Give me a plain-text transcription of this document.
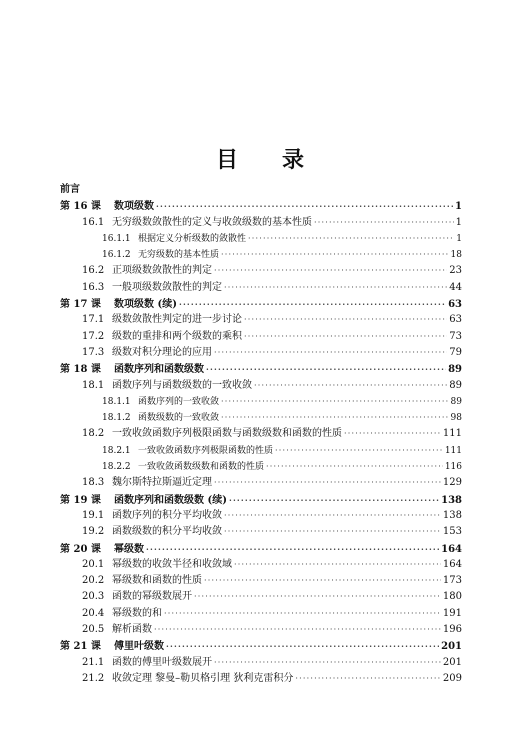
目 录
前言
第 16 课	数项级数 ·····	1
16.1 无穷级数敛散性的定义与收敛级数的基本性质 ·····	1
16.1.1 根据定义分析级数的敛散性 ·····	1
16.1.2 无穷级数的基本性质 ·····	18
16.2 正项级数敛散性的判定 ·····	23
16.3 一般项级数敛散性的判定 ·····	44
第 17 课	数项级数 (续) ·····	63
17.1 级数敛散性判定的进一步讨论 ·····	63
17.2 级数的重排和两个级数的乘积 ·····	73
17.3 级数对积分理论的应用 ·····	79
第 18 课	函数序列和函数级数 ·····	89
18.1 函数序列与函数级数的一致收敛 ·····	89
18.1.1 函数序列的一致收敛 ·····	89
18.1.2 函数级数的一致收敛 ·····	98
18.2 一致收敛函数序列极限函数与函数级数和函数的性质 ·····	111
18.2.1 一致收敛函数序列极限函数的性质 ·····	111
18.2.2 一致收敛函数级数和函数的性质 ·····	116
18.3 魏尔斯特拉斯逼近定理 ·····	129
第 19 课	函数序列和函数级数 (续) ·····	138
19.1 函数序列的积分平均收敛 ·····	138
19.2 函数级数的积分平均收敛 ·····	153
第 20 课	幂级数 ·····	164
20.1 幂级数的收敛半径和收敛域 ·····	164
20.2 幂级数和函数的性质 ·····	173
20.3 函数的幂级数展开 ·····	180
20.4 幂级数的和 ·····	191
20.5 解析函数 ·····	196
第 21 课	傅里叶级数 ·····	201
21.1 函数的傅里叶级数展开 ·····	201
21.2 收敛定理 黎曼–勒贝格引理 狄利克雷积分 ·····	209
